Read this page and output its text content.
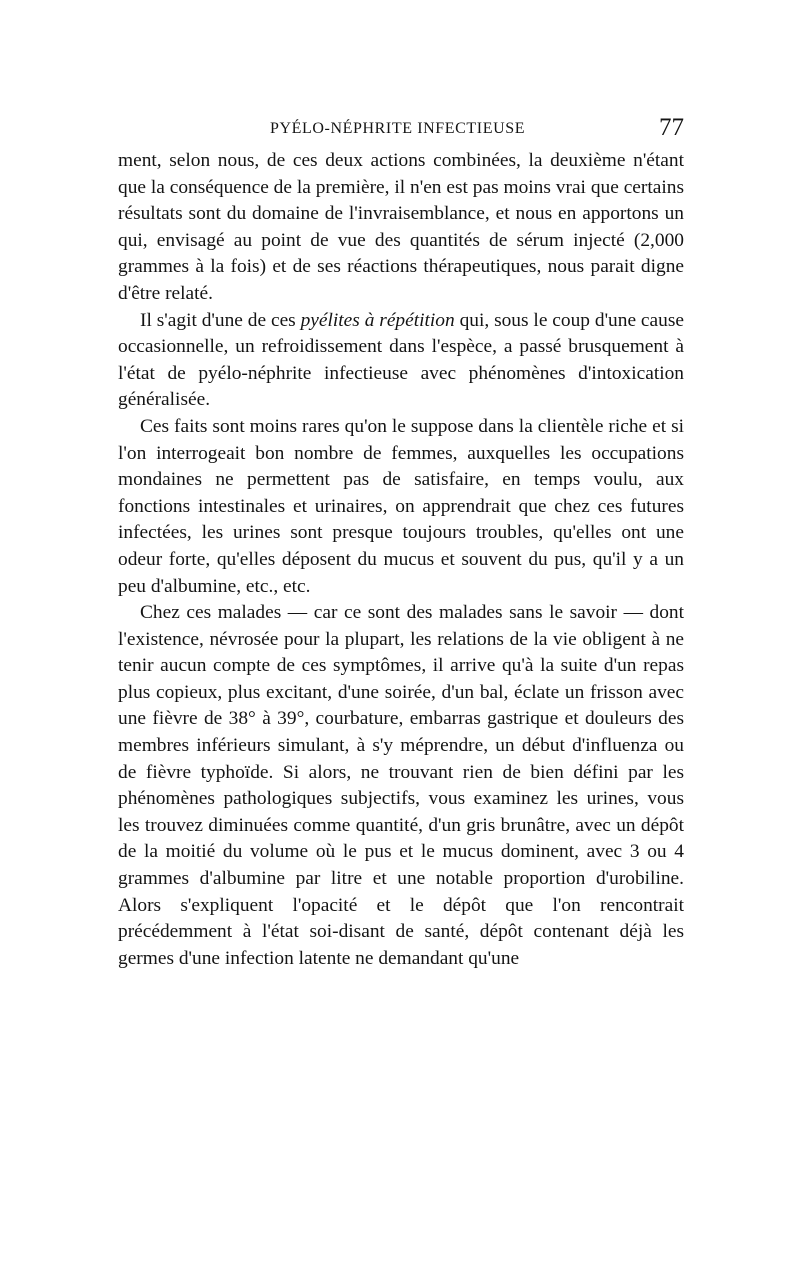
PYÉLO-NÉPHRITE INFECTIEUSE	77

ment, selon nous, de ces deux actions combinées, la deuxième n'étant que la conséquence de la première, il n'en est pas moins vrai que certains résultats sont du domaine de l'invraisemblance, et nous en apportons un qui, envisagé au point de vue des quantités de sérum injecté (2,000 grammes à la fois) et de ses réactions thérapeutiques, nous parait digne d'être relaté.

Il s'agit d'une de ces pyélites à répétition qui, sous le coup d'une cause occasionnelle, un refroidissement dans l'espèce, a passé brusquement à l'état de pyélo-néphrite infectieuse avec phénomènes d'intoxication généralisée.

Ces faits sont moins rares qu'on le suppose dans la clientèle riche et si l'on interrogeait bon nombre de femmes, auxquelles les occupations mondaines ne permettent pas de satisfaire, en temps voulu, aux fonctions intestinales et urinaires, on apprendrait que chez ces futures infectées, les urines sont presque toujours troubles, qu'elles ont une odeur forte, qu'elles déposent du mucus et souvent du pus, qu'il y a un peu d'albumine, etc., etc.

Chez ces malades — car ce sont des malades sans le savoir — dont l'existence, névrosée pour la plupart, les relations de la vie obligent à ne tenir aucun compte de ces symptômes, il arrive qu'à la suite d'un repas plus copieux, plus excitant, d'une soirée, d'un bal, éclate un frisson avec une fièvre de 38° à 39°, courbature, embarras gastrique et douleurs des membres inférieurs simulant, à s'y méprendre, un début d'influenza ou de fièvre typhoïde. Si alors, ne trouvant rien de bien défini par les phénomènes pathologiques subjectifs, vous examinez les urines, vous les trouvez diminuées comme quantité, d'un gris brunâtre, avec un dépôt de la moitié du volume où le pus et le mucus dominent, avec 3 ou 4 grammes d'albumine par litre et une notable proportion d'urobiline. Alors s'expliquent l'opacité et le dépôt que l'on rencontrait précédemment à l'état soi-disant de santé, dépôt contenant déjà les germes d'une infection latente ne demandant qu'une
